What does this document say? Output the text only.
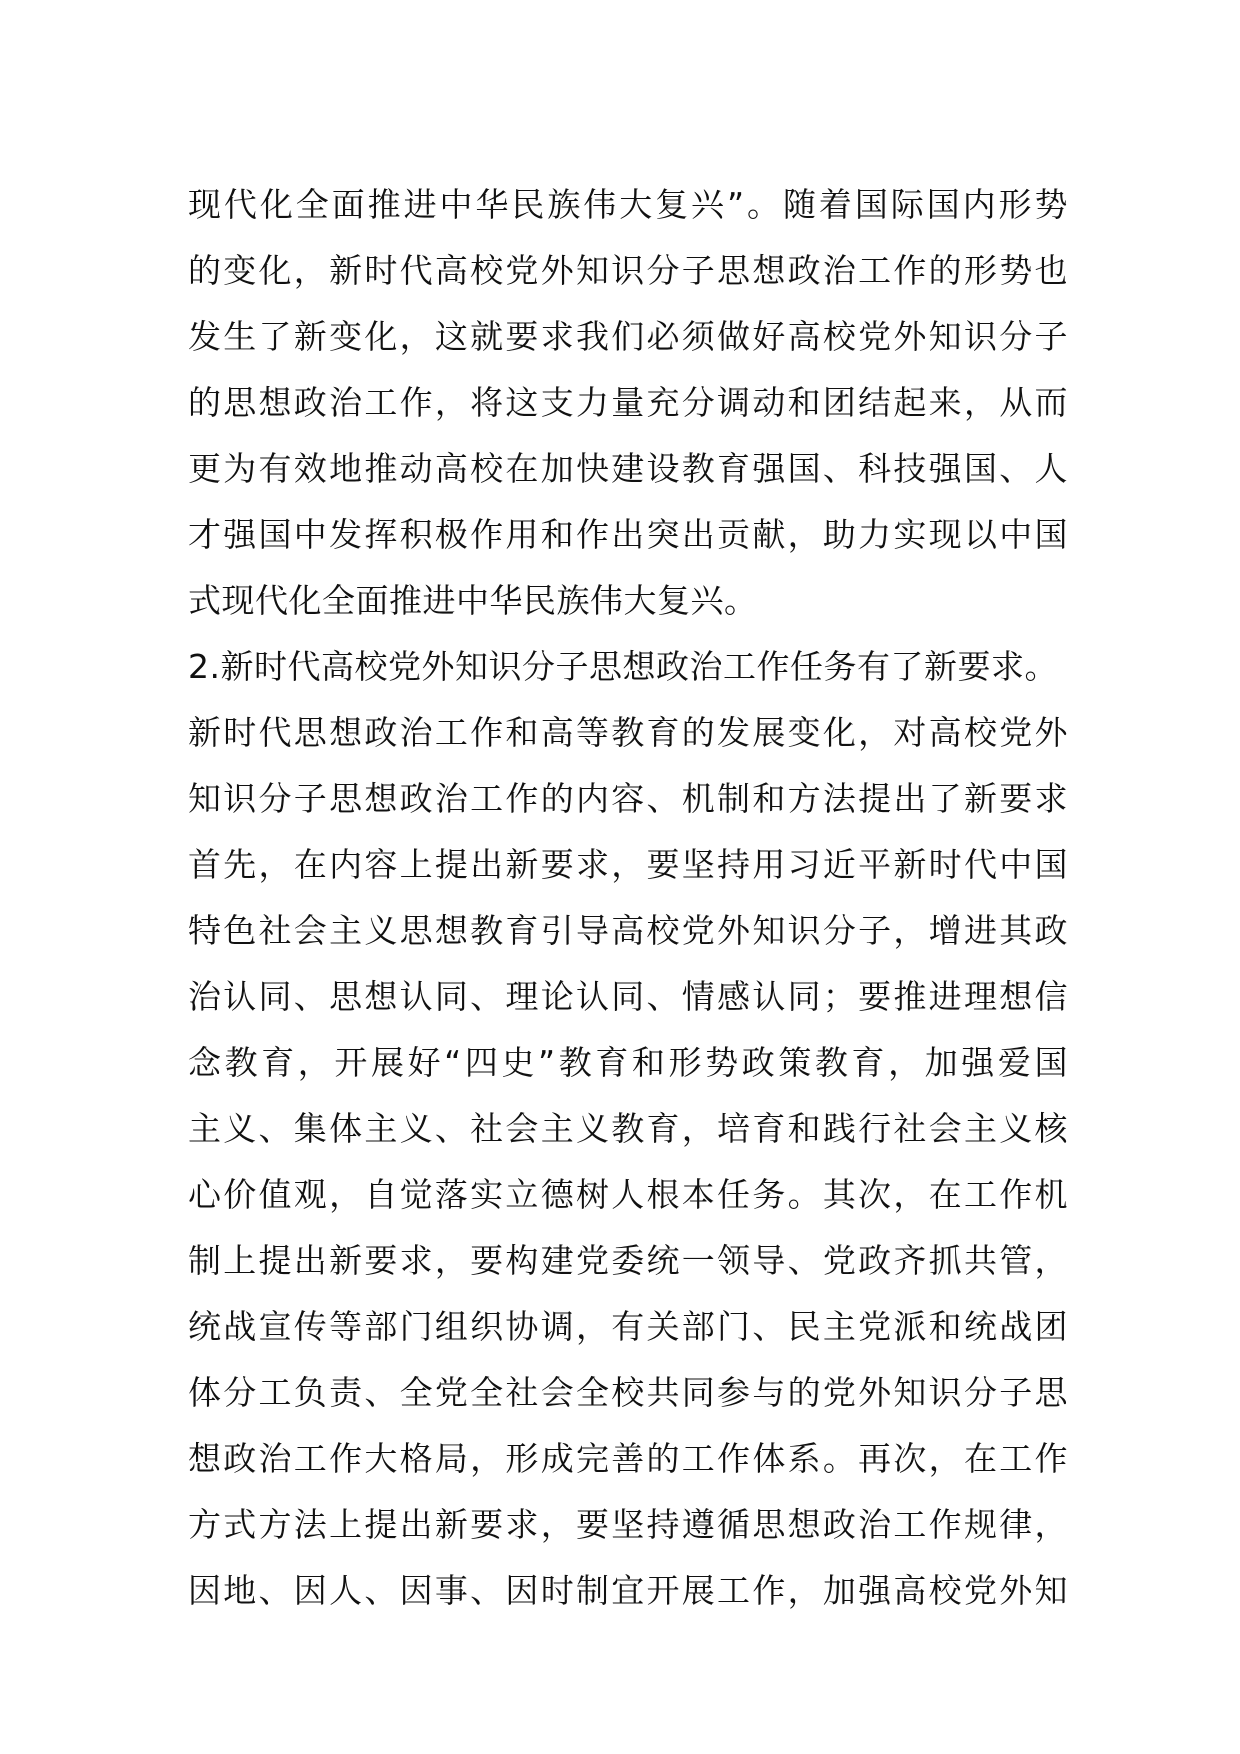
现代化全面推进中华民族伟大复兴”。随着国际国内形势
的变化，新时代高校党外知识分子思想政治工作的形势也
发生了新变化，这就要求我们必须做好高校党外知识分子
的思想政治工作，将这支力量充分调动和团结起来，从而
更为有效地推动高校在加快建设教育强国、科技强国、人
才强国中发挥积极作用和作出突出贡献，助力实现以中国
式现代化全面推进中华民族伟大复兴。
2.新时代高校党外知识分子思想政治工作任务有了新要求。
新时代思想政治工作和高等教育的发展变化，对高校党外
知识分子思想政治工作的内容、机制和方法提出了新要求
首先，在内容上提出新要求，要坚持用习近平新时代中国
特色社会主义思想教育引导高校党外知识分子，增进其政
治认同、思想认同、理论认同、情感认同；要推进理想信
念教育，开展好“四史”教育和形势政策教育，加强爱国
主义、集体主义、社会主义教育，培育和践行社会主义核
心价值观，自觉落实立德树人根本任务。其次，在工作机
制上提出新要求，要构建党委统一领导、党政齐抓共管，
统战宣传等部门组织协调，有关部门、民主党派和统战团
体分工负责、全党全社会全校共同参与的党外知识分子思
想政治工作大格局，形成完善的工作体系。再次，在工作
方式方法上提出新要求，要坚持遵循思想政治工作规律，
因地、因人、因事、因时制宜开展工作，加强高校党外知
